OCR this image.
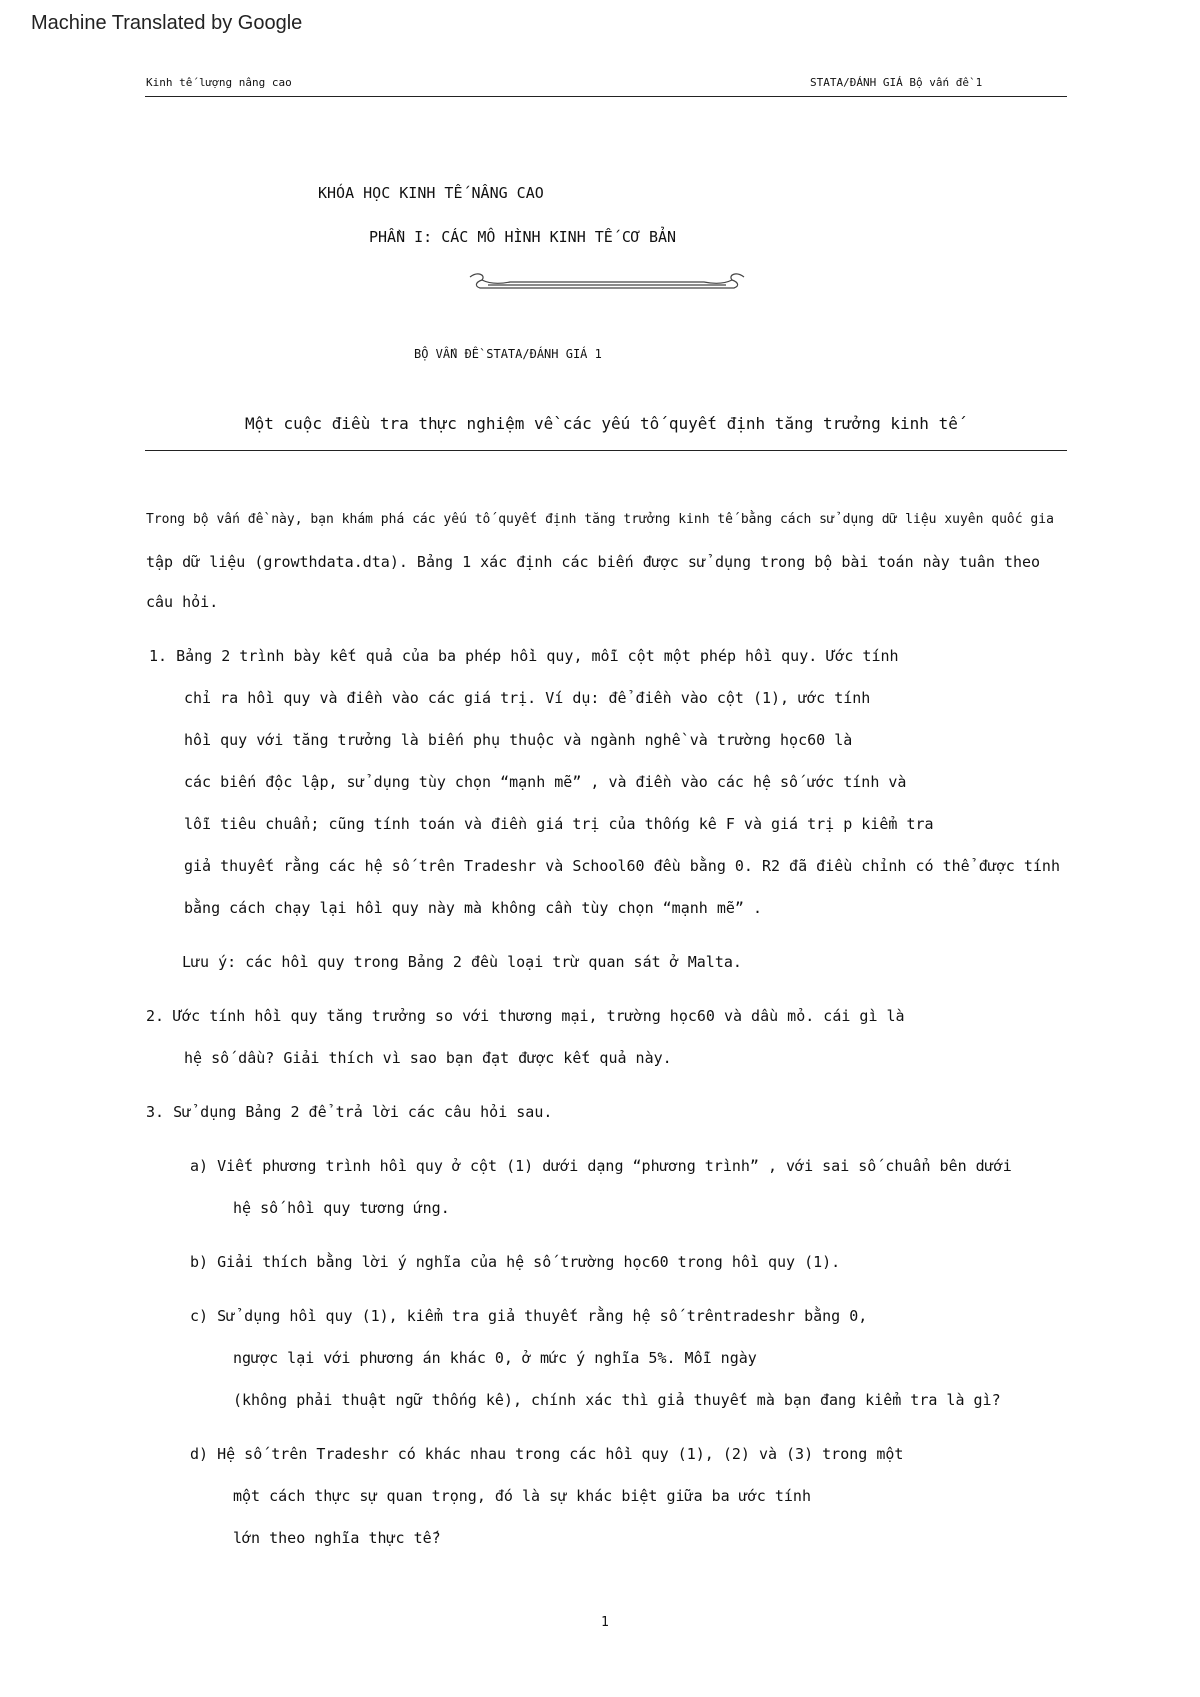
Machine Translated by Google
Kinh tế lượng nâng cao	STATA/ĐÁNH GIÁ Bộ vấn đề 1
KHÓA HỌC KINH TẾ NÂNG CAO
PHẦN I: CÁC MÔ HÌNH KINH TẾ CƠ BẢN
BỘ VẤN ĐỀ STATA/ĐÁNH GIÁ 1
Một cuộc điều tra thực nghiệm về các yếu tố quyết định tăng trưởng kinh tế
Trong bộ vấn đề này, bạn khám phá các yếu tố quyết định tăng trưởng kinh tế bằng cách sử dụng dữ liệu xuyên quốc gia
tập dữ liệu (growthdata.dta). Bảng 1 xác định các biến được sử dụng trong bộ bài toán này tuân theo
câu hỏi.
1. Bảng 2 trình bày kết quả của ba phép hồi quy, mỗi cột một phép hồi quy. Ước tính
chỉ ra hồi quy và điền vào các giá trị. Ví dụ: để điền vào cột (1), ước tính
hồi quy với tăng trưởng là biến phụ thuộc và ngành nghề và trường học60 là
các biến độc lập, sử dụng tùy chọn “mạnh mẽ” , và điền vào các hệ số ước tính và
lỗi tiêu chuẩn; cũng tính toán và điền giá trị của thống kê F và giá trị p kiểm tra
giả thuyết rằng các hệ số trên Tradeshr và School60 đều bằng 0. R2 đã điều chỉnh có thể được tính
bằng cách chạy lại hồi quy này mà không cần tùy chọn “mạnh mẽ” .
Lưu ý: các hồi quy trong Bảng 2 đều loại trừ quan sát ở Malta.
2. Ước tính hồi quy tăng trưởng so với thương mại, trường học60 và dầu mỏ. cái gì là
hệ số dầu? Giải thích vì sao bạn đạt được kết quả này.
3. Sử dụng Bảng 2 để trả lời các câu hỏi sau.
a) Viết phương trình hồi quy ở cột (1) dưới dạng “phương trình” , với sai số chuẩn bên dưới
hệ số hồi quy tương ứng.
b) Giải thích bằng lời ý nghĩa của hệ số trường học60 trong hồi quy (1).
c) Sử dụng hồi quy (1), kiểm tra giả thuyết rằng hệ số trêntradeshr bằng 0,
ngược lại với phương án khác 0, ở mức ý nghĩa 5%. Mỗi ngày
(không phải thuật ngữ thống kê), chính xác thì giả thuyết mà bạn đang kiểm tra là gì?
d) Hệ số trên Tradeshr có khác nhau trong các hồi quy (1), (2) và (3) trong một
một cách thực sự quan trọng, đó là sự khác biệt giữa ba ước tính
lớn theo nghĩa thực tế?
1
